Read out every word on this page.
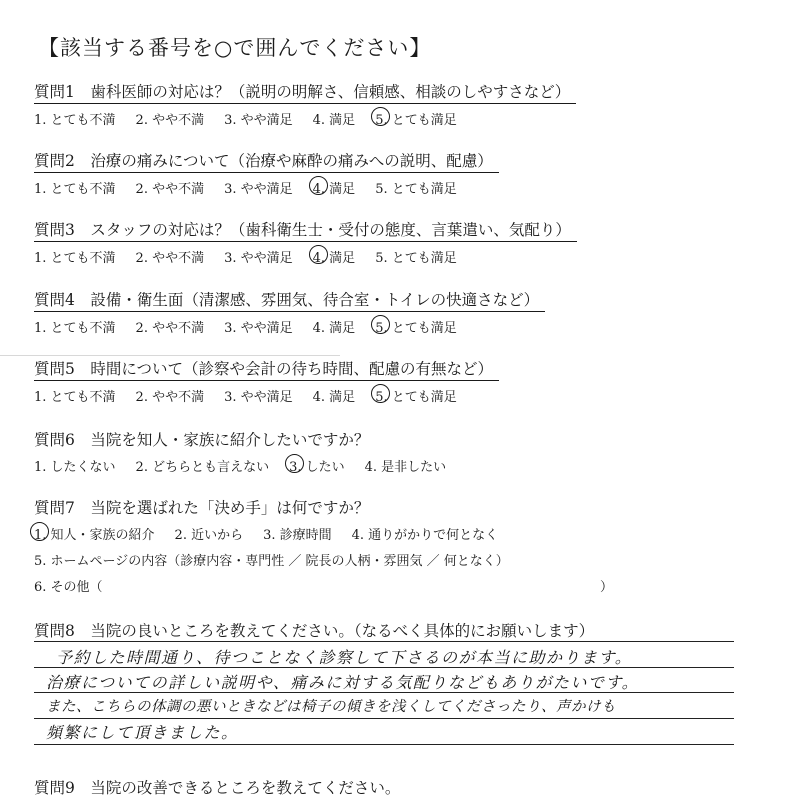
【該当する番号を○で囲んでください】
質問1　歯科医師の対応は？（説明の明解さ、信頼感、相談のしやすさなど）
1. とても不満 2. やや不満 3. やや満足 4. 満足 5. とても満足
質問2　治療の痛みについて（治療や麻酔の痛みへの説明、配慮）
1. とても不満 2. やや不満 3. やや満足 4. 満足 5. とても満足
質問3　スタッフの対応は？（歯科衛生士・受付の態度、言葉遣い、気配り）
1. とても不満 2. やや不満 3. やや満足 4. 満足 5. とても満足
質問4　設備・衛生面（清潔感、雰囲気、待合室・トイレの快適さなど）
1. とても不満 2. やや不満 3. やや満足 4. 満足 5. とても満足
質問5　時間について（診察や会計の待ち時間、配慮の有無など）
1. とても不満 2. やや不満 3. やや満足 4. 満足 5. とても満足
質問6　当院を知人・家族に紹介したいですか？
1. したくない 2. どちらとも言えない 3. したい 4. 是非したい
質問7　当院を選ばれた「決め手」は何ですか？
1. 知人・家族の紹介 2. 近いから 3. 診療時間 4. 通りがかりで何となく
5. ホームページの内容（診療内容・専門性 ／ 院長の人柄・雰囲気 ／ 何となく）
6. その他（	）
質問8　当院の良いところを教えてください。（なるべく具体的にお願いします）
予約した時間通り、待つことなく診察して下さるのが本当に助かります。
治療についての詳しい説明や、痛みに対する気配りなどもありがたいです。
また、こちらの体調の悪いときなどは椅子の傾きを浅くしてくださったり、声かけも
頻繁にして頂きました。
質問9　当院の改善できるところを教えてください。
